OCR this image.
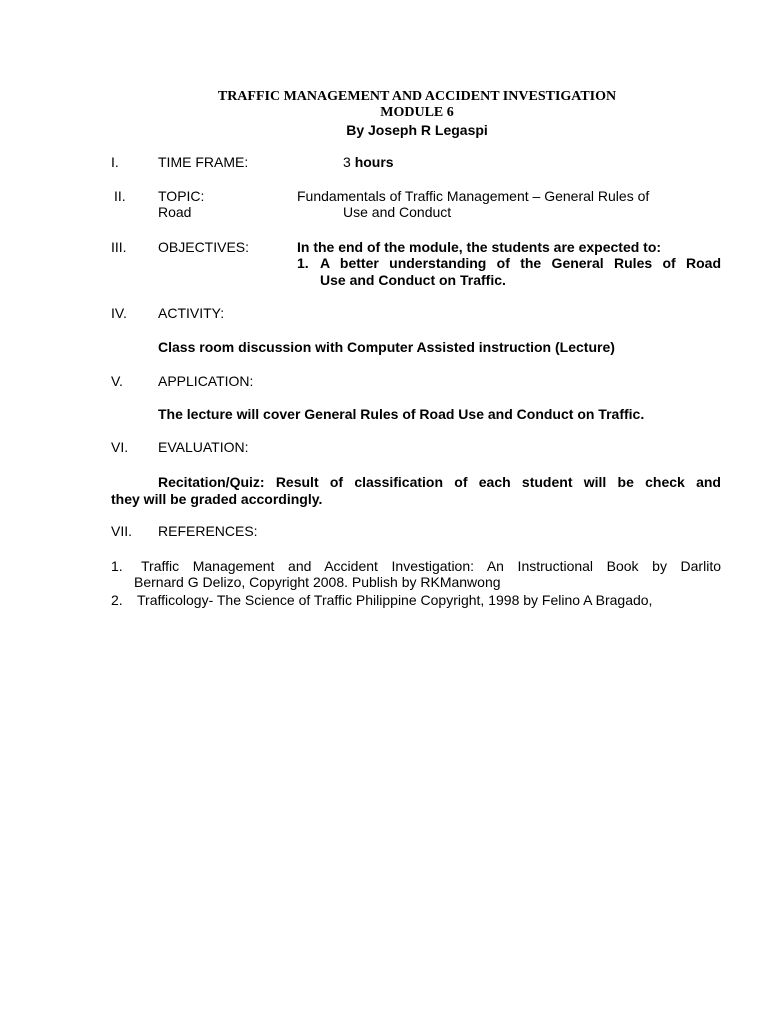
TRAFFIC MANAGEMENT AND ACCIDENT INVESTIGATION
MODULE 6
By Joseph R Legaspi
I.	TIME FRAME:	3 hours
II. TOPIC:	Fundamentals of Traffic Management – General Rules of
Road	Use and Conduct
III. OBJECTIVES:	In the end of the module, the students are expected to:
1. A better understanding of the General Rules of Road
Use and Conduct on Traffic.
IV. ACTIVITY:
Class room discussion with Computer Assisted instruction (Lecture)
V.	APPLICATION:
The lecture will cover General Rules of Road Use and Conduct on Traffic.
VI. EVALUATION:
Recitation/Quiz: Result of classification of each student will be check and
they will be graded accordingly.
VII. REFERENCES:
1. Traffic Management and Accident Investigation: An Instructional Book by Darlito
Bernard G Delizo, Copyright 2008. Publish by RKManwong
2. Trafficology- The Science of Traffic Philippine Copyright, 1998 by Felino A Bragado,
